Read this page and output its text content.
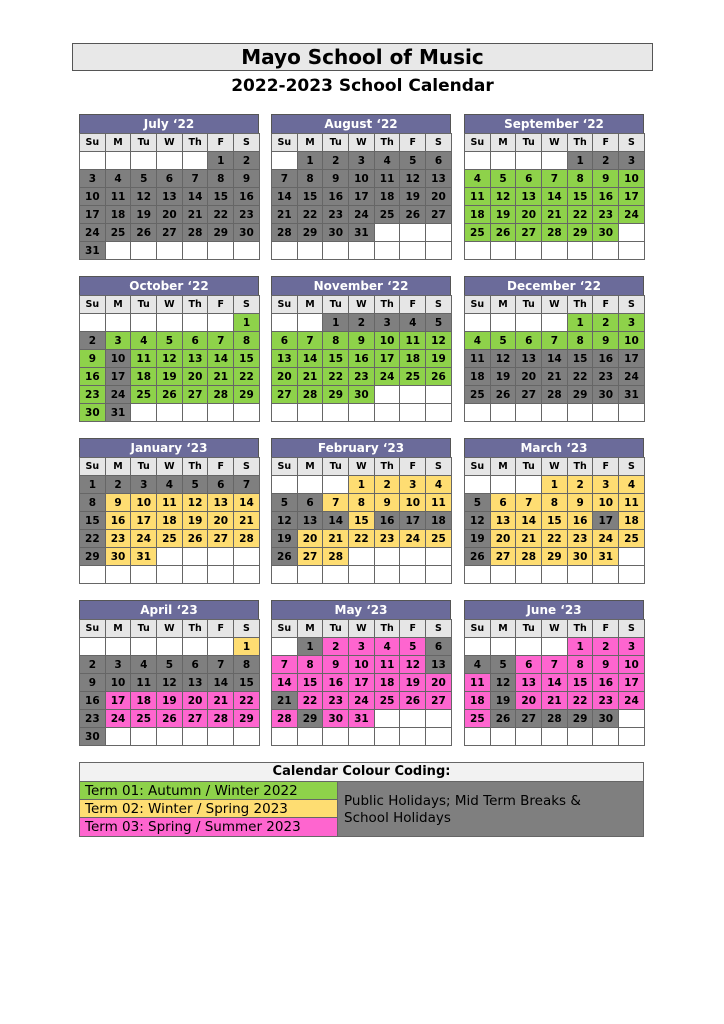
Mayo School of Music
2022-2023 School Calendar
July ‘22
Su	M	Tu	W	Th	F	S
					1	2
3	4	5	6	7	8	9
10	11	12	13	14	15	16
17	18	19	20	21	22	23
24	25	26	27	28	29	30
31						
August ‘22
Su	M	Tu	W	Th	F	S
	1	2	3	4	5	6
7	8	9	10	11	12	13
14	15	16	17	18	19	20
21	22	23	24	25	26	27
28	29	30	31			

September ‘22
Su	M	Tu	W	Th	F	S
				1	2	3
4	5	6	7	8	9	10
11	12	13	14	15	16	17
18	19	20	21	22	23	24
25	26	27	28	29	30	

October ‘22
Su	M	Tu	W	Th	F	S
						1
2	3	4	5	6	7	8
9	10	11	12	13	14	15
16	17	18	19	20	21	22
23	24	25	26	27	28	29
30	31					
November ‘22
Su	M	Tu	W	Th	F	S
		1	2	3	4	5
6	7	8	9	10	11	12
13	14	15	16	17	18	19
20	21	22	23	24	25	26
27	28	29	30			

December ‘22
Su	M	Tu	W	Th	F	S
				1	2	3
4	5	6	7	8	9	10
11	12	13	14	15	16	17
18	19	20	21	22	23	24
25	26	27	28	29	30	31

January ‘23
Su	M	Tu	W	Th	F	S
1	2	3	4	5	6	7
8	9	10	11	12	13	14
15	16	17	18	19	20	21
22	23	24	25	26	27	28
29	30	31				

February ‘23
Su	M	Tu	W	Th	F	S
			1	2	3	4
5	6	7	8	9	10	11
12	13	14	15	16	17	18
19	20	21	22	23	24	25
26	27	28				

March ‘23
Su	M	Tu	W	Th	F	S
			1	2	3	4
5	6	7	8	9	10	11
12	13	14	15	16	17	18
19	20	21	22	23	24	25
26	27	28	29	30	31	

April ‘23
Su	M	Tu	W	Th	F	S
						1
2	3	4	5	6	7	8
9	10	11	12	13	14	15
16	17	18	19	20	21	22
23	24	25	26	27	28	29
30						
May ‘23
Su	M	Tu	W	Th	F	S
	1	2	3	4	5	6
7	8	9	10	11	12	13
14	15	16	17	18	19	20
21	22	23	24	25	26	27
28	29	30	31			

June ‘23
Su	M	Tu	W	Th	F	S
				1	2	3
4	5	6	7	8	9	10
11	12	13	14	15	16	17
18	19	20	21	22	23	24
25	26	27	28	29	30	

Calendar Colour Coding:
Term 01: Autumn / Winter 2022
Term 02: Winter / Spring 2023
Term 03: Spring / Summer 2023
Public Holidays; Mid Term Breaks &
School Holidays
